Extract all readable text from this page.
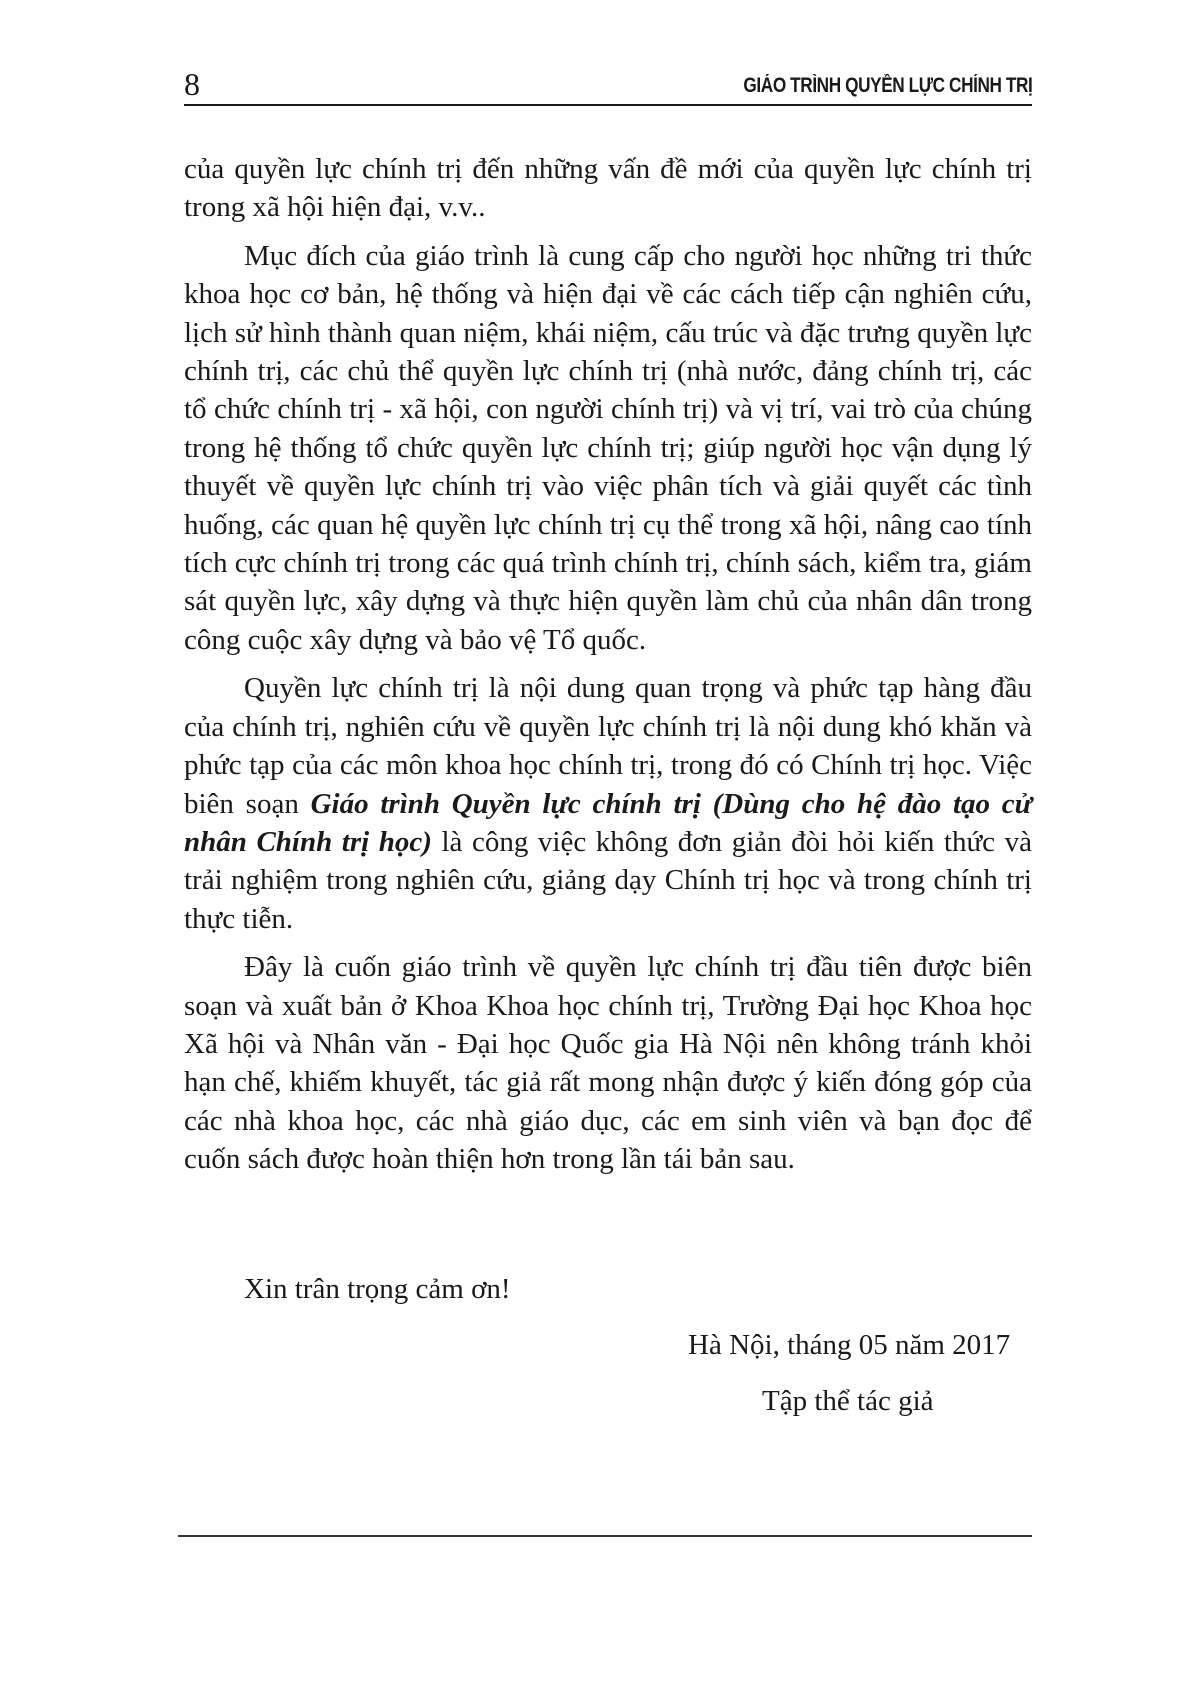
8	GIÁO TRÌNH QUYỀN LỰC CHÍNH TRỊ

của quyền lực chính trị đến những vấn đề mới của quyền lực chính trị trong xã hội hiện đại, v.v..

Mục đích của giáo trình là cung cấp cho người học những tri thức khoa học cơ bản, hệ thống và hiện đại về các cách tiếp cận nghiên cứu, lịch sử hình thành quan niệm, khái niệm, cấu trúc và đặc trưng quyền lực chính trị, các chủ thể quyền lực chính trị (nhà nước, đảng chính trị, các tổ chức chính trị - xã hội, con người chính trị) và vị trí, vai trò của chúng trong hệ thống tổ chức quyền lực chính trị; giúp người học vận dụng lý thuyết về quyền lực chính trị vào việc phân tích và giải quyết các tình huống, các quan hệ quyền lực chính trị cụ thể trong xã hội, nâng cao tính tích cực chính trị trong các quá trình chính trị, chính sách, kiểm tra, giám sát quyền lực, xây dựng và thực hiện quyền làm chủ của nhân dân trong công cuộc xây dựng và bảo vệ Tổ quốc.

Quyền lực chính trị là nội dung quan trọng và phức tạp hàng đầu của chính trị, nghiên cứu về quyền lực chính trị là nội dung khó khăn và phức tạp của các môn khoa học chính trị, trong đó có Chính trị học. Việc biên soạn Giáo trình Quyền lực chính trị (Dùng cho hệ đào tạo cử nhân Chính trị học) là công việc không đơn giản đòi hỏi kiến thức và trải nghiệm trong nghiên cứu, giảng dạy Chính trị học và trong chính trị thực tiễn.

Đây là cuốn giáo trình về quyền lực chính trị đầu tiên được biên soạn và xuất bản ở Khoa Khoa học chính trị, Trường Đại học Khoa học Xã hội và Nhân văn - Đại học Quốc gia Hà Nội nên không tránh khỏi hạn chế, khiếm khuyết, tác giả rất mong nhận được ý kiến đóng góp của các nhà khoa học, các nhà giáo dục, các em sinh viên và bạn đọc để cuốn sách được hoàn thiện hơn trong lần tái bản sau.

Xin trân trọng cảm ơn!
Hà Nội, tháng 05 năm 2017
Tập thể tác giả
